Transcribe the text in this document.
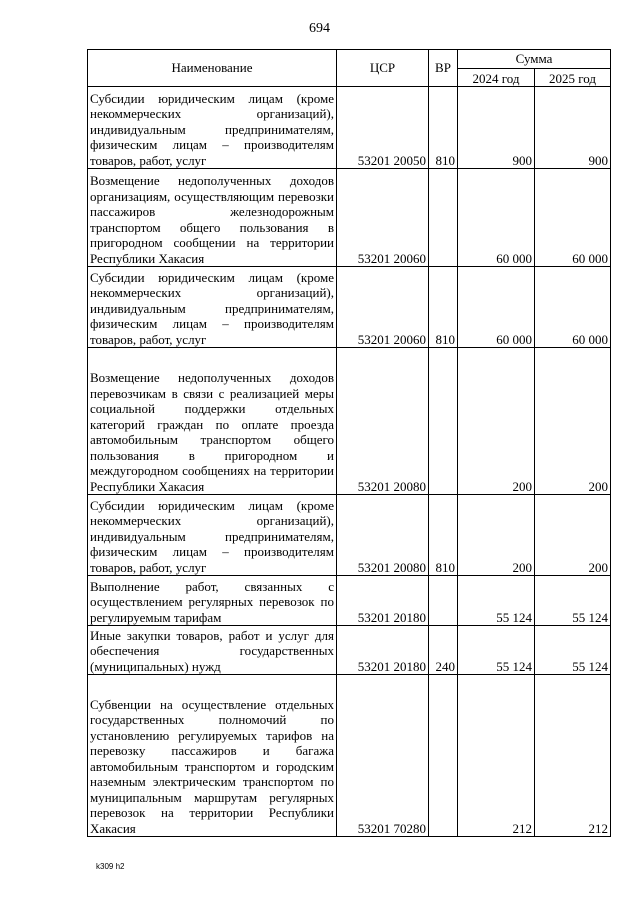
694
Наименование	ЦСР	ВР	Сумма	
			2024 год	2025 год
Субсидии юридическим лицам (кроме некоммерческих организаций), индивидуальным предпринимателям, физическим лицам – производителям товаров, работ, услуг	53201 20050	810	900	900
Возмещение недополученных доходов организациям, осуществляющим перевозки пассажиров железнодорожным транспортом общего пользования в пригородном сообщении на территории Республики Хакасия	53201 20060		60 000	60 000
Субсидии юридическим лицам (кроме некоммерческих организаций), индивидуальным предпринимателям, физическим лицам – производителям товаров, работ, услуг	53201 20060	810	60 000	60 000
Возмещение недополученных доходов перевозчикам в связи с реализацией меры социальной поддержки отдельных категорий граждан по оплате проезда автомобильным транспортом общего пользования в пригородном и междугородном сообщениях на территории Республики Хакасия	53201 20080		200	200
Субсидии юридическим лицам (кроме некоммерческих организаций), индивидуальным предпринимателям, физическим лицам – производителям товаров, работ, услуг	53201 20080	810	200	200
Выполнение работ, связанных с осуществлением регулярных перевозок по регулируемым тарифам	53201 20180		55 124	55 124
Иные закупки товаров, работ и услуг для обеспечения государственных (муниципальных) нужд	53201 20180	240	55 124	55 124
Субвенции на осуществление отдельных государственных полномочий по установлению регулируемых тарифов на перевозку пассажиров и багажа автомобильным транспортом и городским наземным электрическим транспортом по муниципальным маршрутам регулярных перевозок на территории Республики Хакасия	53201 70280		212	212
k309 h2
